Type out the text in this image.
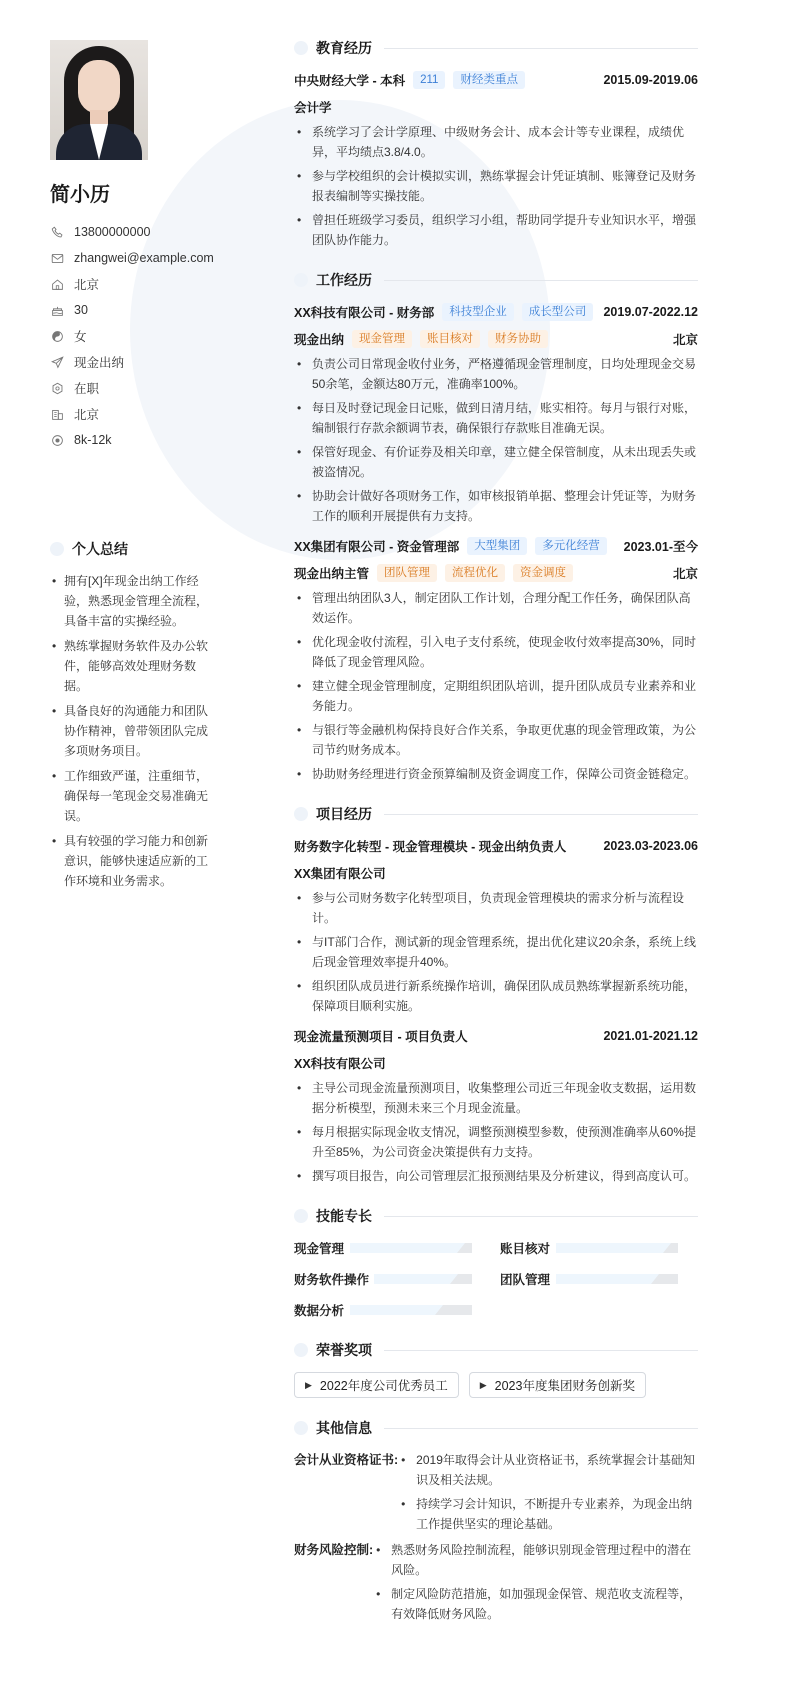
简小历
13800000000
zhangwei@example.com
北京
30
女
现金出纳
在职
北京
8k-12k
个人总结
• 拥有[X]年现金出纳工作经验，熟悉现金管理全流程，具备丰富的实操经验。
• 熟练掌握财务软件及办公软件，能够高效处理财务数据。
• 具备良好的沟通能力和团队协作精神，曾带领团队完成多项财务项目。
• 工作细致严谨，注重细节，确保每一笔现金交易准确无误。
• 具有较强的学习能力和创新意识，能够快速适应新的工作环境和业务需求。
教育经历
中央财经大学 - 本科	211	财经类重点	2015.09-2019.06
会计学
• 系统学习了会计学原理、中级财务会计、成本会计等专业课程，成绩优异，平均绩点3.8/4.0。
• 参与学校组织的会计模拟实训，熟练掌握会计凭证填制、账簿登记及财务报表编制等实操技能。
• 曾担任班级学习委员，组织学习小组，帮助同学提升专业知识水平，增强团队协作能力。
工作经历
XX科技有限公司 - 财务部	科技型企业	成长型公司	2019.07-2022.12
现金出纳	现金管理	账目核对	财务协助	北京
• 负责公司日常现金收付业务，严格遵循现金管理制度，日均处理现金交易50余笔，金额达80万元，准确率100%。
• 每日及时登记现金日记账，做到日清月结，账实相符。每月与银行对账，编制银行存款余额调节表，确保银行存款账目准确无误。
• 保管好现金、有价证券及相关印章，建立健全保管制度，从未出现丢失或被盗情况。
• 协助会计做好各项财务工作，如审核报销单据、整理会计凭证等，为财务工作的顺利开展提供有力支持。
XX集团有限公司 - 资金管理部	大型集团	多元化经营	2023.01-至今
现金出纳主管	团队管理	流程优化	资金调度	北京
• 管理出纳团队3人，制定团队工作计划，合理分配工作任务，确保团队高效运作。
• 优化现金收付流程，引入电子支付系统，使现金收付效率提高30%，同时降低了现金管理风险。
• 建立健全现金管理制度，定期组织团队培训，提升团队成员专业素养和业务能力。
• 与银行等金融机构保持良好合作关系，争取更优惠的现金管理政策，为公司节约财务成本。
• 协助财务经理进行资金预算编制及资金调度工作，保障公司资金链稳定。
项目经历
财务数字化转型 - 现金管理模块 - 现金出纳负责人	2023.03-2023.06
XX集团有限公司
• 参与公司财务数字化转型项目，负责现金管理模块的需求分析与流程设计。
• 与IT部门合作，测试新的现金管理系统，提出优化建议20余条，系统上线后现金管理效率提升40%。
• 组织团队成员进行新系统操作培训，确保团队成员熟练掌握新系统功能，保障项目顺利实施。
现金流量预测项目 - 项目负责人	2021.01-2021.12
XX科技有限公司
• 主导公司现金流量预测项目，收集整理公司近三年现金收支数据，运用数据分析模型，预测未来三个月现金流量。
• 每月根据实际现金收支情况，调整预测模型参数，使预测准确率从60%提升至85%，为公司资金决策提供有力支持。
• 撰写项目报告，向公司管理层汇报预测结果及分析建议，得到高度认可。
技能专长
现金管理	账目核对
财务软件操作	团队管理
数据分析
荣誉奖项
▶ 2022年度公司优秀员工	▶ 2023年度集团财务创新奖
其他信息
会计从业资格证书:	• 2019年取得会计从业资格证书，系统掌握会计基础知识及相关法规。
• 持续学习会计知识，不断提升专业素养，为现金出纳工作提供坚实的理论基础。
财务风险控制:	• 熟悉财务风险控制流程，能够识别现金管理过程中的潜在风险。
• 制定风险防范措施，如加强现金保管、规范收支流程等，有效降低财务风险。
